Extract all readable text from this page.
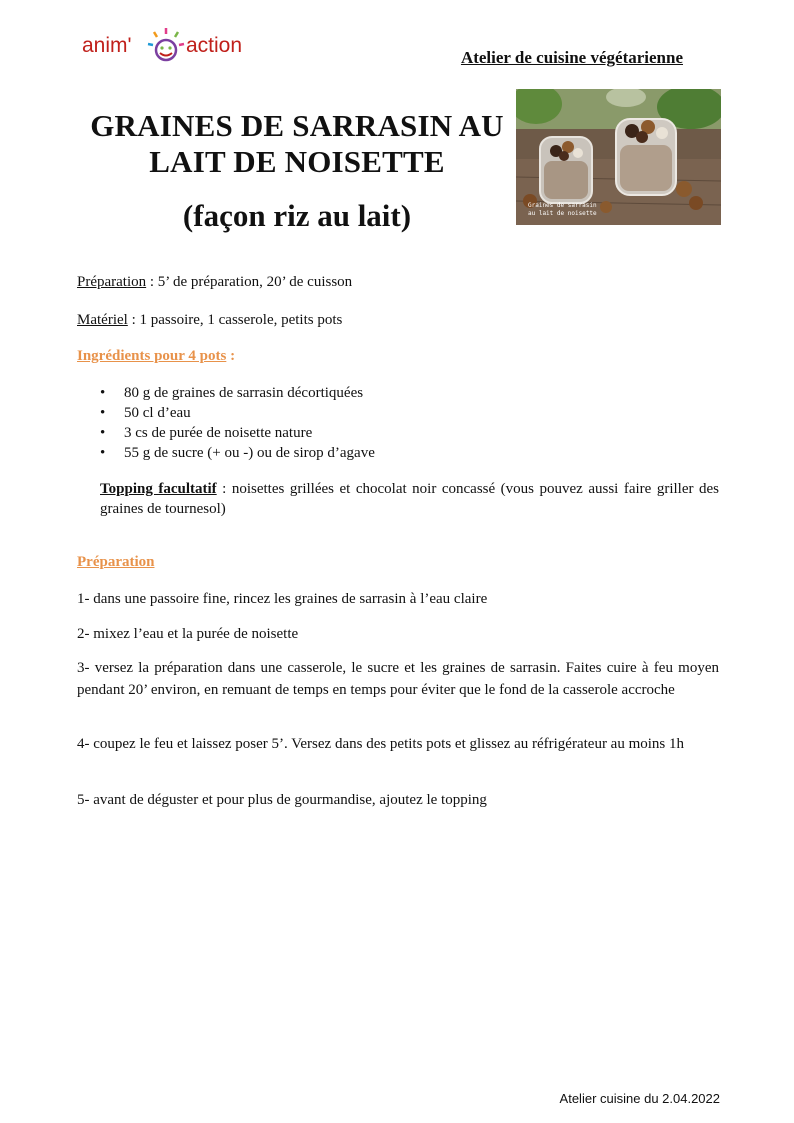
anim'	action
Atelier de cuisine végétarienne
GRAINES DE SARRASIN AU
LAIT DE NOISETTE
(façon riz au lait)	Graines de sarrasin
au lait de noisette
Préparation : 5’ de préparation, 20’ de cuisson
Matériel : 1 passoire, 1 casserole, petits pots
Ingrédients pour 4 pots :
• 80 g de graines de sarrasin décortiquées
• 50 cl d’eau
• 3 cs de purée de noisette nature
• 55 g de sucre (+ ou -) ou de sirop d’agave
Topping facultatif : noisettes grillées et chocolat noir concassé (vous pouvez aussi faire griller des graines de tournesol)
Préparation
1- dans une passoire fine, rincez les graines de sarrasin à l’eau claire
2- mixez l’eau et la purée de noisette
3- versez la préparation dans une casserole, le sucre et les graines de sarrasin. Faites cuire à feu moyen pendant 20’ environ, en remuant de temps en temps pour éviter que le fond de la casserole accroche
4- coupez le feu et laissez poser 5’. Versez dans des petits pots et glissez au réfrigérateur au moins 1h
5- avant de déguster et pour plus de gourmandise, ajoutez le topping
Atelier cuisine du 2.04.2022
